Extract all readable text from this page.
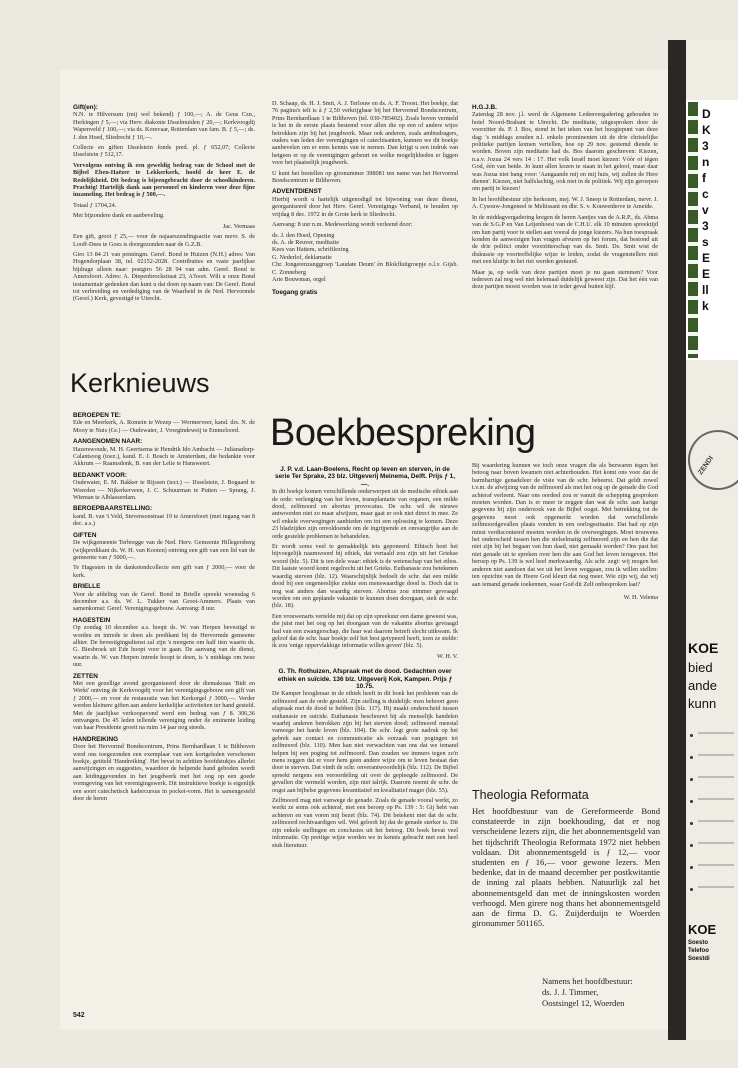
Gift(en):

N.N. te Hilversum (mij wel bekend) ƒ 100,—; A. de Geus Czn., Herkingen ƒ 5,—; via Herv. diakonie IJsselmuiden ƒ 20,—; Kerkvoogdij Wapenveld ƒ 100,—; via ds. Korevaar, Rotterdam van fam. B. ƒ 5,—; ds. J. den Hoed, Sliedrecht ƒ 10,—.

Collecte en giften IJsselstein fonds pred. pl. ƒ 652,07; Collecte IJsselstein ƒ 512,17.

Vervolgens ontving ik een geweldig bedrag van de School met de Bijbel Eben-Haëzer te Lekkerkerk, hoofd de heer E. de Redelijkheid. Dit bedrag is bijeengebracht door de schoolkinderen. Prachtig! Hartelijk dank aan personeel en kinderen voor deze fijne inzameling. Het bedrag is ƒ 500,—.

Totaal ƒ 1704,24.

Met bijzondere dank en aanbeveling.

Jac. Vermaas

Een gift, groot ƒ 25,— voor de najaarszendingsactie van mevr. S. de Looff-Dees te Goes is doorgezonden naar de G.Z.B.

Giro 13 84 21 van penningm. Geref. Bond te Huizen (N.H.) adres: Van Hogendorplaan 38, tel. 02152-2028. Contributies en vaste jaarlijkse bijdrage alleen naar: postgiro 56 28 94 van adm. Geref. Bond te Amersfoort. Adres: A. Diepenbrockstraat 23, A'foort. Wilt u onze Bond testamentair gedenken dan kunt u dat doen op naam van: De Geref. Bond tot verbreiding en verdediging van de Waarheid in de Ned. Hervormde (Geref.) Kerk, gevestigd te Utrecht.

D. Schaap, ds. H. J. Smit, A. J. Terlouw en ds. A. F. Troost. Het boekje, dat 76 pagina's telt is à ƒ 2,50 verkrijgbaar bij het Hervormd Bondscentrum, Prins Bernhardlaan 1 te Bilthoven (tel. 030-785402). Zoals boven vermeld is het in de eerste plaats bestemd voor allen die op een of andere wijze betrokken zijn bij het jeugdwerk. Maar ook anderen, zoals ambtsdragers, ouders van leden der verenigingen of catechisanten, kunnen we dit boekje aanbevelen om er eens kennis van te nemen. Dan krijgt u een indruk van hetgeen er op de verenigingen gebeurt en welke mogelijkheden er liggen voor het plaatselijk jeugdwerk.

U kunt het bestellen op gironummer 398081 ten name van het Hervormd Bondscentrum te Bilthoven.

ADVENTDIENST

Hierbij wordt u hartelijk uitgenodigd tot bijwoning van deze dienst, georganiseerd door het Herv. Geref. Verenigings Verband, te houden op vrijdag 8 dec. 1972 in de Grote kerk te Sliedrecht.

Aanvang: 8 uur n.m. Medewerking wordt verleend door:

ds. J. den Hoed, Opening
ds. A. de Reuver, meditatie
Kees van Hattem, schriftlezing
G. Nederlof, deklamatie
Chr. Jongerenzanggroep 'Laudate Deum' én Blokfluitgroepje o.l.v. Gijsb. C. Zonneberg
Arie Bouwman, orgel
Toegang gratis
H.G.J.B.

Zaterdag 28 nov. j.l. werd de Algemene Ledenvergadering gehouden in hotel Noord-Brabant te Utrecht. De meditatie, uitgesproken door de voorzitter ds. P. J. Bos, stond in het teken van het hoogtepunt van deze dag: 's middags zouden n.l. enkele prominenten uit de drie christelijke politieke partijen komen vertellen, hoe op 29 nov. gestemd diende te worden. Boven zijn meditatie had ds. Bos daarom geschreven: Kiezen, n.a.v. Jozua 24 vers 14 : 17. Het volk Israël moet kiezen: Vóór of tégen God, één van beide. Jo kunt allen kozen te staan in het geloof, maar daar was Jozua niet bang voor: 'Aangaande mij en mij huis, wij zullen de Here dienen'. Kiezen, niet halfslachtig, ook niet in de politiek. Wij zijn geroepen om partij te kiezen!

In het hoofdbestuur zijn herkozen, mej. W. J. Sneep te Rotterdam, mevr. J. A. Cysouw-Jongeneel te Meliissant en dhr. S. v. Kouwenhove te Ameide.

In de middagvergadering kregen de heren Aantjes van de A.R.P., ds. Abma van de S.G.P en Van Leijenhoest van de C.H.U. elk 10 minuten spreektijd om hun partij voor te stellen aan vooral de jonge kiezers. Na hun toespraak konden de aanwezigen hun vragen afvuren op het forum, dat bestond uit de drie politici onder voorzitterschap van ds. Smit. Ds. Smit wist de diskussie op voortreffelijke wijze te leiden, zodat de vragenstellers niet met een kluitje in het riet werden gestuurd.

Maar ja, op welk van deze partijen moet je nu gaan stemmen? Voor iedereen zal nog wel niet helemaal duidelijk geweest zijn. Dat het één van deze partijen moest worden was in ieder geval buiten kijf.

Kerknieuws
BEROEPEN TE:

Ede en Meerkerk, A. Romein te Wezep — Wormerveer, kand. drs. N. de Mooy te Nuis (Gr.) — Oudewater, J. Vroegindeweij te Emmeloord.

AANGENOMEN NAAR:

Hazerswoude, M. H. Geertsema te Hendrik Ido Ambacht — Julianadorp-Calantsoog (toez.), kand. E. J. Bosch te Amsterdam, die bedankte voor Akkrum — Raamsdonk, B. van der Lelie te Hansweert.

BEDANKT VOOR:

Oudewater, E. M. Bakker te Rijssen (tect.) — IJsselstein, J. Bogaard te Woerden — Nijkerkerveen, J. C. Schuurman te Putten — Sprang, J. Wieman te Alblasserdam.

BEROEPBAARSTELLING:

kand. B. van 't Veld, Stevensonstraat 19 te Amersfoort (met ingang van 8 dec. a.s.)

GIFTEN

De wijkgemeente Terbregge van de Ned. Herv. Gemeente Hillegersberg (wijkpredikant ds. W. H. van Kooten) ontving een gift van een lid van de gemeente van ƒ 5000,—.

Te Hagesten in de dankstondcollecte een gift van ƒ 2000,— voor de kerk.

BRIELLE

Voor de afdeling van de Geref. Bond in Brielle spreekt woensdag 6 december a.s. ds. W. L. Tukker van Groot-Ammers. Plaats van samenkomst: Geref. Verenigingsgebouw. Aanvang: 8 uur.

HAGESTEIN

Op zondag 10 december a.s. hoopt ds. W. van Herpen bevestigd te worden en intrede te doen als predikant bij de Hervormde gemeente alhier. De bevestigingsdienst zal zijn 's morgens om half tien waarin ds. G. Biesbroek uit Ede hoopt voor te gaan. De aanvang van de dienst, waarin ds. W. van Herpen intrede hoopt te doen, is 's middags om twee uur.

ZETTEN

Met een gezellige avond georganiseerd door de diemakraas 'Bidt en Werkt' ontving de Kerkvoogdij voor het verenigingsgebouw een gift van ƒ 2000,— en voor de restauratie van het Kerkorgel ƒ 3000,—. Verder werden kleinere giften aan andere kerkelijke activiteiten ter hand gesteld. Met de jaarlijkse verkoopavond werd een bedrag van ƒ 8. 306,36 ontvangen. De 45 leden tellende vereniging onder de eminente leiding van haar Presidente groeit na ruim 14 jaar nog steeds.

HANDREIKING

Door het Hervormd Bondscentrum, Prins Bernhardlaan 1 te Bilthoven werd ons toegezonden een exemplaar van een kortgeleden verschenen boekje, getiteld 'Handreiking'. Het bevat in achttien hoofdstukjes allerlei aanwijzingen en suggesties, waardoor de helpende hand geboden wordt aan leidinggevenden in het jeugdwerk met het oog op een goede vormgeving van het verenigingswerk. Dit instruktieve boekje is eigenlijk een soort catechetisch kadercursus in pocket-vorm. Het is samengesteld door de heren

542
Boekbespreking
J. P. v.d. Laan-Boelens, Recht op leven en sterven, in de serie Ter Sprake, 23 blz. Uitgeverij Meinema, Delft. Prijs ƒ 1,—.

In dit boekje komen verschillende onderwerpen uit de medische ethiek aan de orde: verlenging van het leven, transplantatie van organen, een milde dood, zelfmoord en abortus provocatus. De schr. wil de nieuwe antwoorden niet zo maar afwijzen, maar gaat er ook niet direct in mee. Ze wil enkele overwegingen aanbieden om tot een oplossing te komen. Deze 23 bladzijden zijn onvoldoende om de ingrijpende en omvangrijke aan de orde gestelde problemen te behandelen.

Er wordt soms veel te gemakkelijk iets geponeerd. Ethisch hoet het bijvoegelijk naamwoord bij ethiek, dat vertaald zou zijn uit het Griekse woord (blz. 5). Dit is ten dele waar: ethiek is de wetenschap van het ethos. Dit laatste woord komt regelrecht uit het Grieks. Euthanasie zou betekenen waardig sterven (blz. 12). Waarschijnlijk bedoelt de schr. dat een milde dood bij een ongeneeslijke ziekte een menswaardige dood is. Doch dat is nog wat anders dan waardig sterven. Abortus zou nimmer gevraagd worden om een geplande vakantie te kunnen doen doorgaan, stelt de schr. (blz. 18).

Een vrouwenarts vertelde mij dat op zijn spreekuur een dame geweest was, die juist met het oog op het doorgaan van de vakantie abortus gevraagd had van een zwangerschap, die haar wat daarom betreft slecht uitkwam. Ik geloof dat de schr. haar boekje zelf het best getypeerd heeft, toen ze stelde: ik zou 'enige oppervlakkige informatie willen geven' (blz. 5).

W. H. V.

G. Th. Rothuizen, Afspraak met de dood. Gedachten over ethiek en suïcide. 136 blz. Uitgeverij Kok, Kampen. Prijs ƒ 10.75.

De Kamper hoogleraar in de ethiek heeft in dit boek het probleem van de zelfmoord aan de orde gesteld. Zijn stelling is duidelijk: men behoort geen afspraak met de dood te hebben (blz. 117). Hij maakt onderscheid tussen euthanasie en suïcide. Euthanasie beschouwt hij als menselijk handelen waarbij anderen betrokken zijn bij het sterven dood; zelfmoord meestal vanwege het harde leven (blz. 104). De schr. legt grote nadruk op het gebrek aan contact en communicatie als oorzaak van pogingen tot zelfmoord (blz. 110). Men kan niet verwachten van ons dat we iemand helpen bij een poging tot zelfmoord. Dan zouden we immers tegen zo'n mens zeggen dat er voor hem geen andere wijze om te leven bestaat dan door te sterven. Dat vindt de schr. onverantwoordelijk (blz. 112). De Bijbel spreekt nergens een veroordeling uit over de gepleegde zelfmoord. De gevallen die vermeld worden, zijn niet talrijk. Daarom noemt de schr. de oogst aan bijbelse gegevens kwantitatief en kwalitatief mager (blz. 55).

Zelfmoord mag niet vanwege de genade. Zoals de genade vooral werkt, zo werkt ze soms ook achteraf, met een beroep op Ps. 139 : 5: Gij hebt van achteren en van voren mij bezet (blz. 74). Dit betekent niet dat de schr. zelfmoord rechtvaardigen wil. Wel gelooft hij dat de genade sterker is. Dit zijn enkele stellingen en conclusies uit het betoog. Dit boek bevat veel informatie. Op prettige wijze worden we in kennis gebracht met een heel stuk literatuur.

Bij waardering kunnen we toch onze vragen die als bezwaren tegen het betoog naar boven kwamen niet achterhouden. Het komt ons voor dat de barmhartige genadeleer de visie van de schr. beheerst. Dat geldt zowel t.v.m. de afwijzing van de zelfmoord als met het oog op de genade die God achteraf verleent. Naar ons oordeel zou er vanuit de schepping gesproken moeten worden. Dan is er meer te zeggen dan wat de schr. aan karige gegevens bij zijn onderzoek van de Bijbel oogst. Met betrekking tot de gegevens moet ook opgemerkt worden dat verschillende zelfmoordgevallen plaats vonden in een oorlogssituatie. Dat had op zijn minst verdisconteerd moeten worden in de overwegingen. Moet trouwens het onderscheid tussen hen die stelselmatig zelfmoord zijn en hen die dat niet zijn bij het begaan van hun daad, niet gemaakt worden? Ons past het niet genade uit te spreken over hen die aan God het leven terugeven. Het beroep op Ps. 139 is wel heel merkwaardig. Als schr. zegt: wij mogen het anderen niet aandoen dat we uit het leven weggaan, zou ik willen stellen: ten opzichte van de Heere God kleurt dat nog meer. Wie zijn wij, dat wij aan iemand genade toekennen, waar God dit Zelf onbesproken laat?

W. H. Velema

Theologia Reformata
Het hoofdbestuur van de Gereformeerde Bond constateerde in zijn boekhouding, dat er nog verscheidene lezers zijn, die het abonnementsgeld van het tijdschrift Theologia Reformata 1972 niet hebben voldaan. Dit abonnementsgeld is ƒ 12,— voor studenten en ƒ 16,— voor gewone lezers. Men bedenke, dat in de maand december per postkwitantie de inning zal plaats hebben. Natuurlijk zal het abonnementsgeld dan met de inningskosten worden verhoogd. Men girere nog thans het abonnementsgeld aan de firma D. G. Zuijderduijn te Woerden gironummer 501165.
Namens het hoofdbestuur:
ds. J. J. Timmer,
Oostsingel 12, Woerden
D
K
3
n
f
c
v
3
s
E
E
ll
k
ZENDI
KOE
bied
ande
kunn
KOE
Soesto
Telefoo
Soestdi
